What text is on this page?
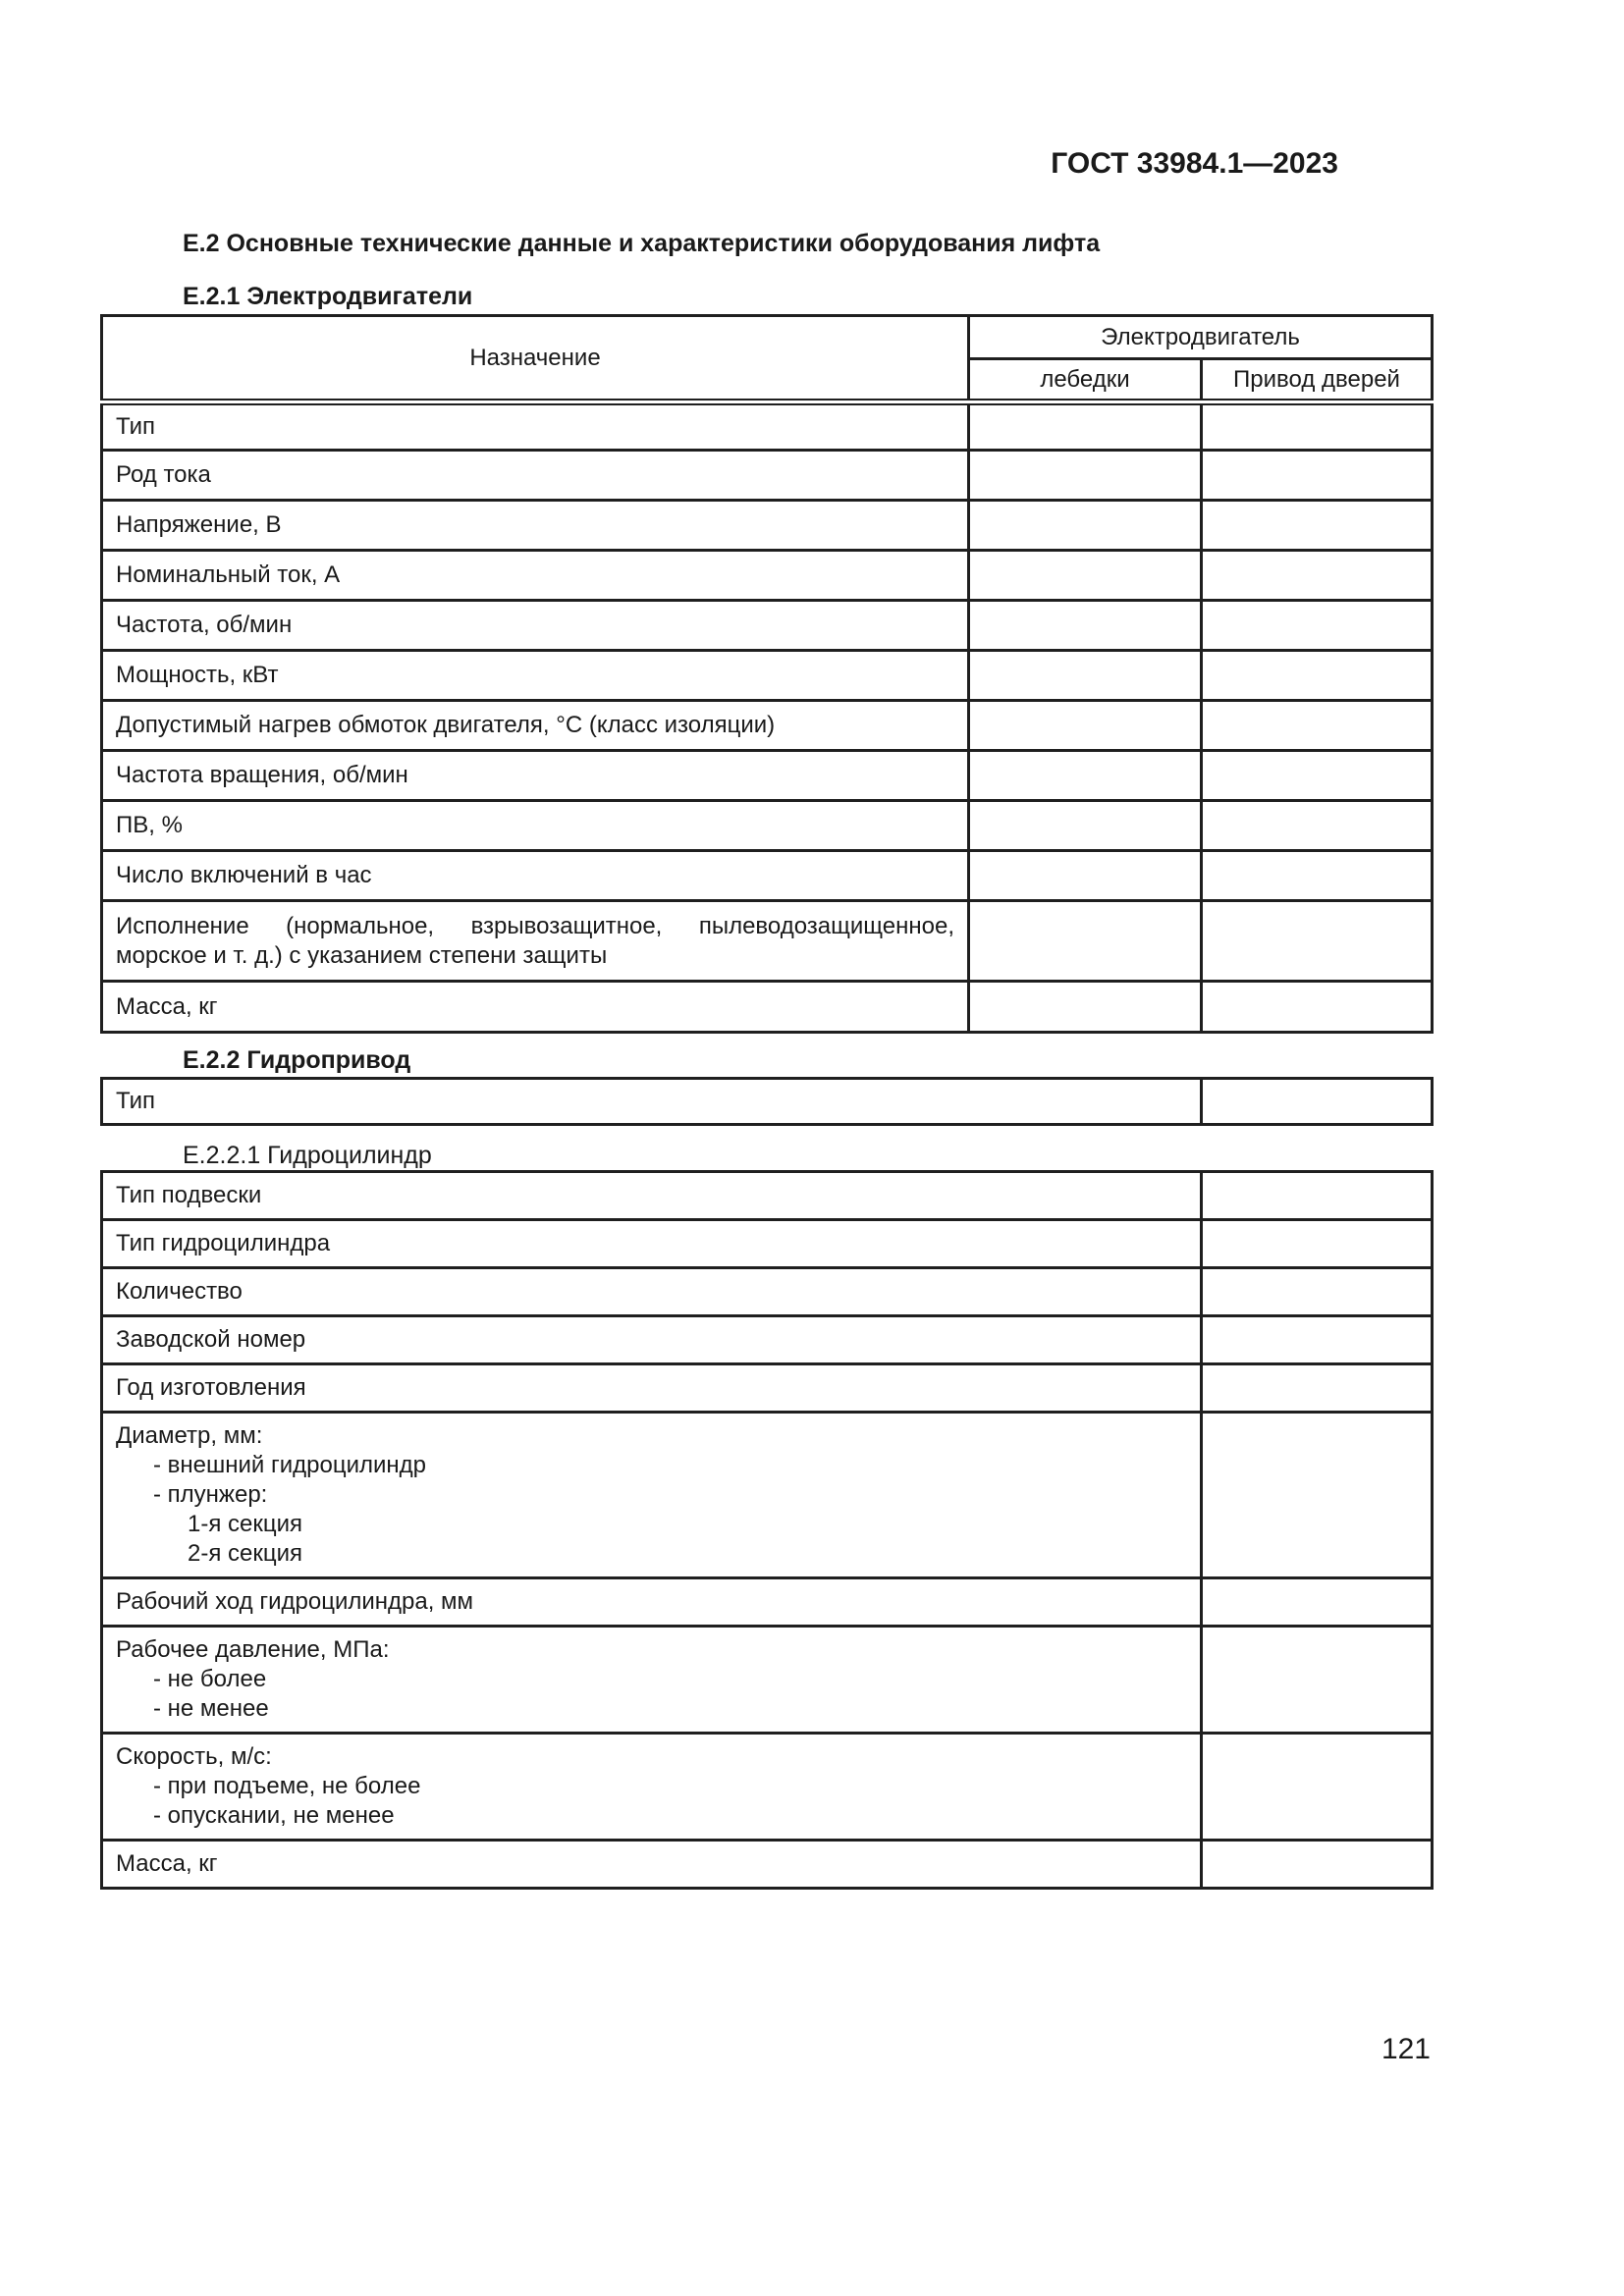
ГОСТ 33984.1—2023
Е.2 Основные технические данные и характеристики оборудования лифта
Е.2.1 Электродвигатели
Назначение	Электродвигатель	
	лебедки	Привод дверей
Тип		
Род тока		
Напряжение, В		
Номинальный ток, А		
Частота, об/мин		
Мощность, кВт		
Допустимый нагрев обмоток двигателя, °С (класс изоляции)		
Частота вращения, об/мин		
ПВ, %		
Число включений в час		

Исполнение (нормальное, взрывозащитное, пылеводозащищенное,
морское и т. д.) с указанием степени защиты		

Масса, кг		
Е.2.2 Гидропривод
Тип	
Е.2.2.1 Гидроцилиндр
Тип подвески	

Тип гидроцилиндра	

Количество	

Заводской номер	

Год изготовления	

Диаметр, мм:
- внешний гидроцилиндр
- плунжер:
1-я секция
2-я секция	

Рабочий ход гидроцилиндра, мм	

Рабочее давление, МПа:
- не более
- не менее	

Скорость, м/с:
- при подъеме, не более
- опускании, не менее	

Масса, кг	

121
